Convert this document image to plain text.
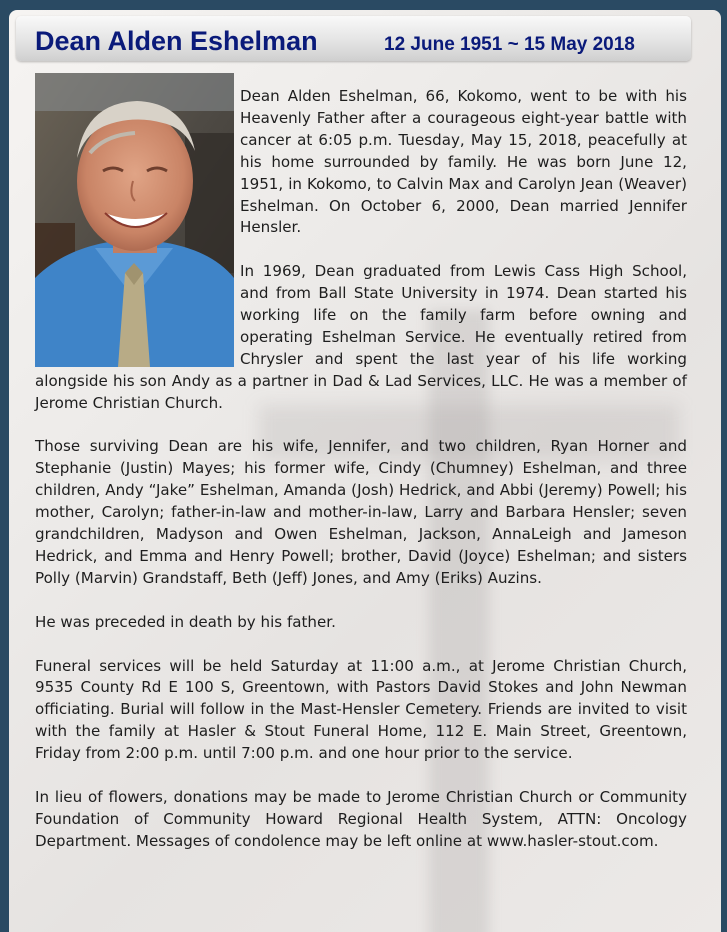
Dean Alden Eshelman	12 June 1951 ~ 15 May 2018

Dean Alden Eshelman, 66, Kokomo, went to be with his Heavenly Father after a courageous eight-year battle with cancer at 6:05 p.m. Tuesday, May 15, 2018, peacefully at his home surrounded by family. He was born June 12, 1951, in Kokomo, to Calvin Max and Carolyn Jean (Weaver) Eshelman. On October 6, 2000, Dean married Jennifer Hensler.

In 1969, Dean graduated from Lewis Cass High School, and from Ball State University in 1974. Dean started his working life on the family farm before owning and operating Eshelman Service. He eventually retired from Chrysler and spent the last year of his life working alongside his son Andy as a partner in Dad & Lad Services, LLC. He was a member of Jerome Christian Church.

Those surviving Dean are his wife, Jennifer, and two children, Ryan Horner and Stephanie (Justin) Mayes; his former wife, Cindy (Chumney) Eshelman, and three children, Andy “Jake” Eshelman, Amanda (Josh) Hedrick, and Abbi (Jeremy) Powell; his mother, Carolyn; father-in-law and mother-in-law, Larry and Barbara Hensler; seven grandchildren, Madyson and Owen Eshelman, Jackson, AnnaLeigh and Jameson Hedrick, and Emma and Henry Powell; brother, David (Joyce) Eshelman; and sisters Polly (Marvin) Grandstaff, Beth (Jeff) Jones, and Amy (Eriks) Auzins.

He was preceded in death by his father.

Funeral services will be held Saturday at 11:00 a.m., at Jerome Christian Church, 9535 County Rd E 100 S, Greentown, with Pastors David Stokes and John Newman officiating. Burial will follow in the Mast-Hensler Cemetery. Friends are invited to visit with the family at Hasler & Stout Funeral Home, 112 E. Main Street, Greentown, Friday from 2:00 p.m. until 7:00 p.m. and one hour prior to the service.

In lieu of flowers, donations may be made to Jerome Christian Church or Community Foundation of Community Howard Regional Health System, ATTN: Oncology Department. Messages of condolence may be left online at www.hasler-stout.com.
